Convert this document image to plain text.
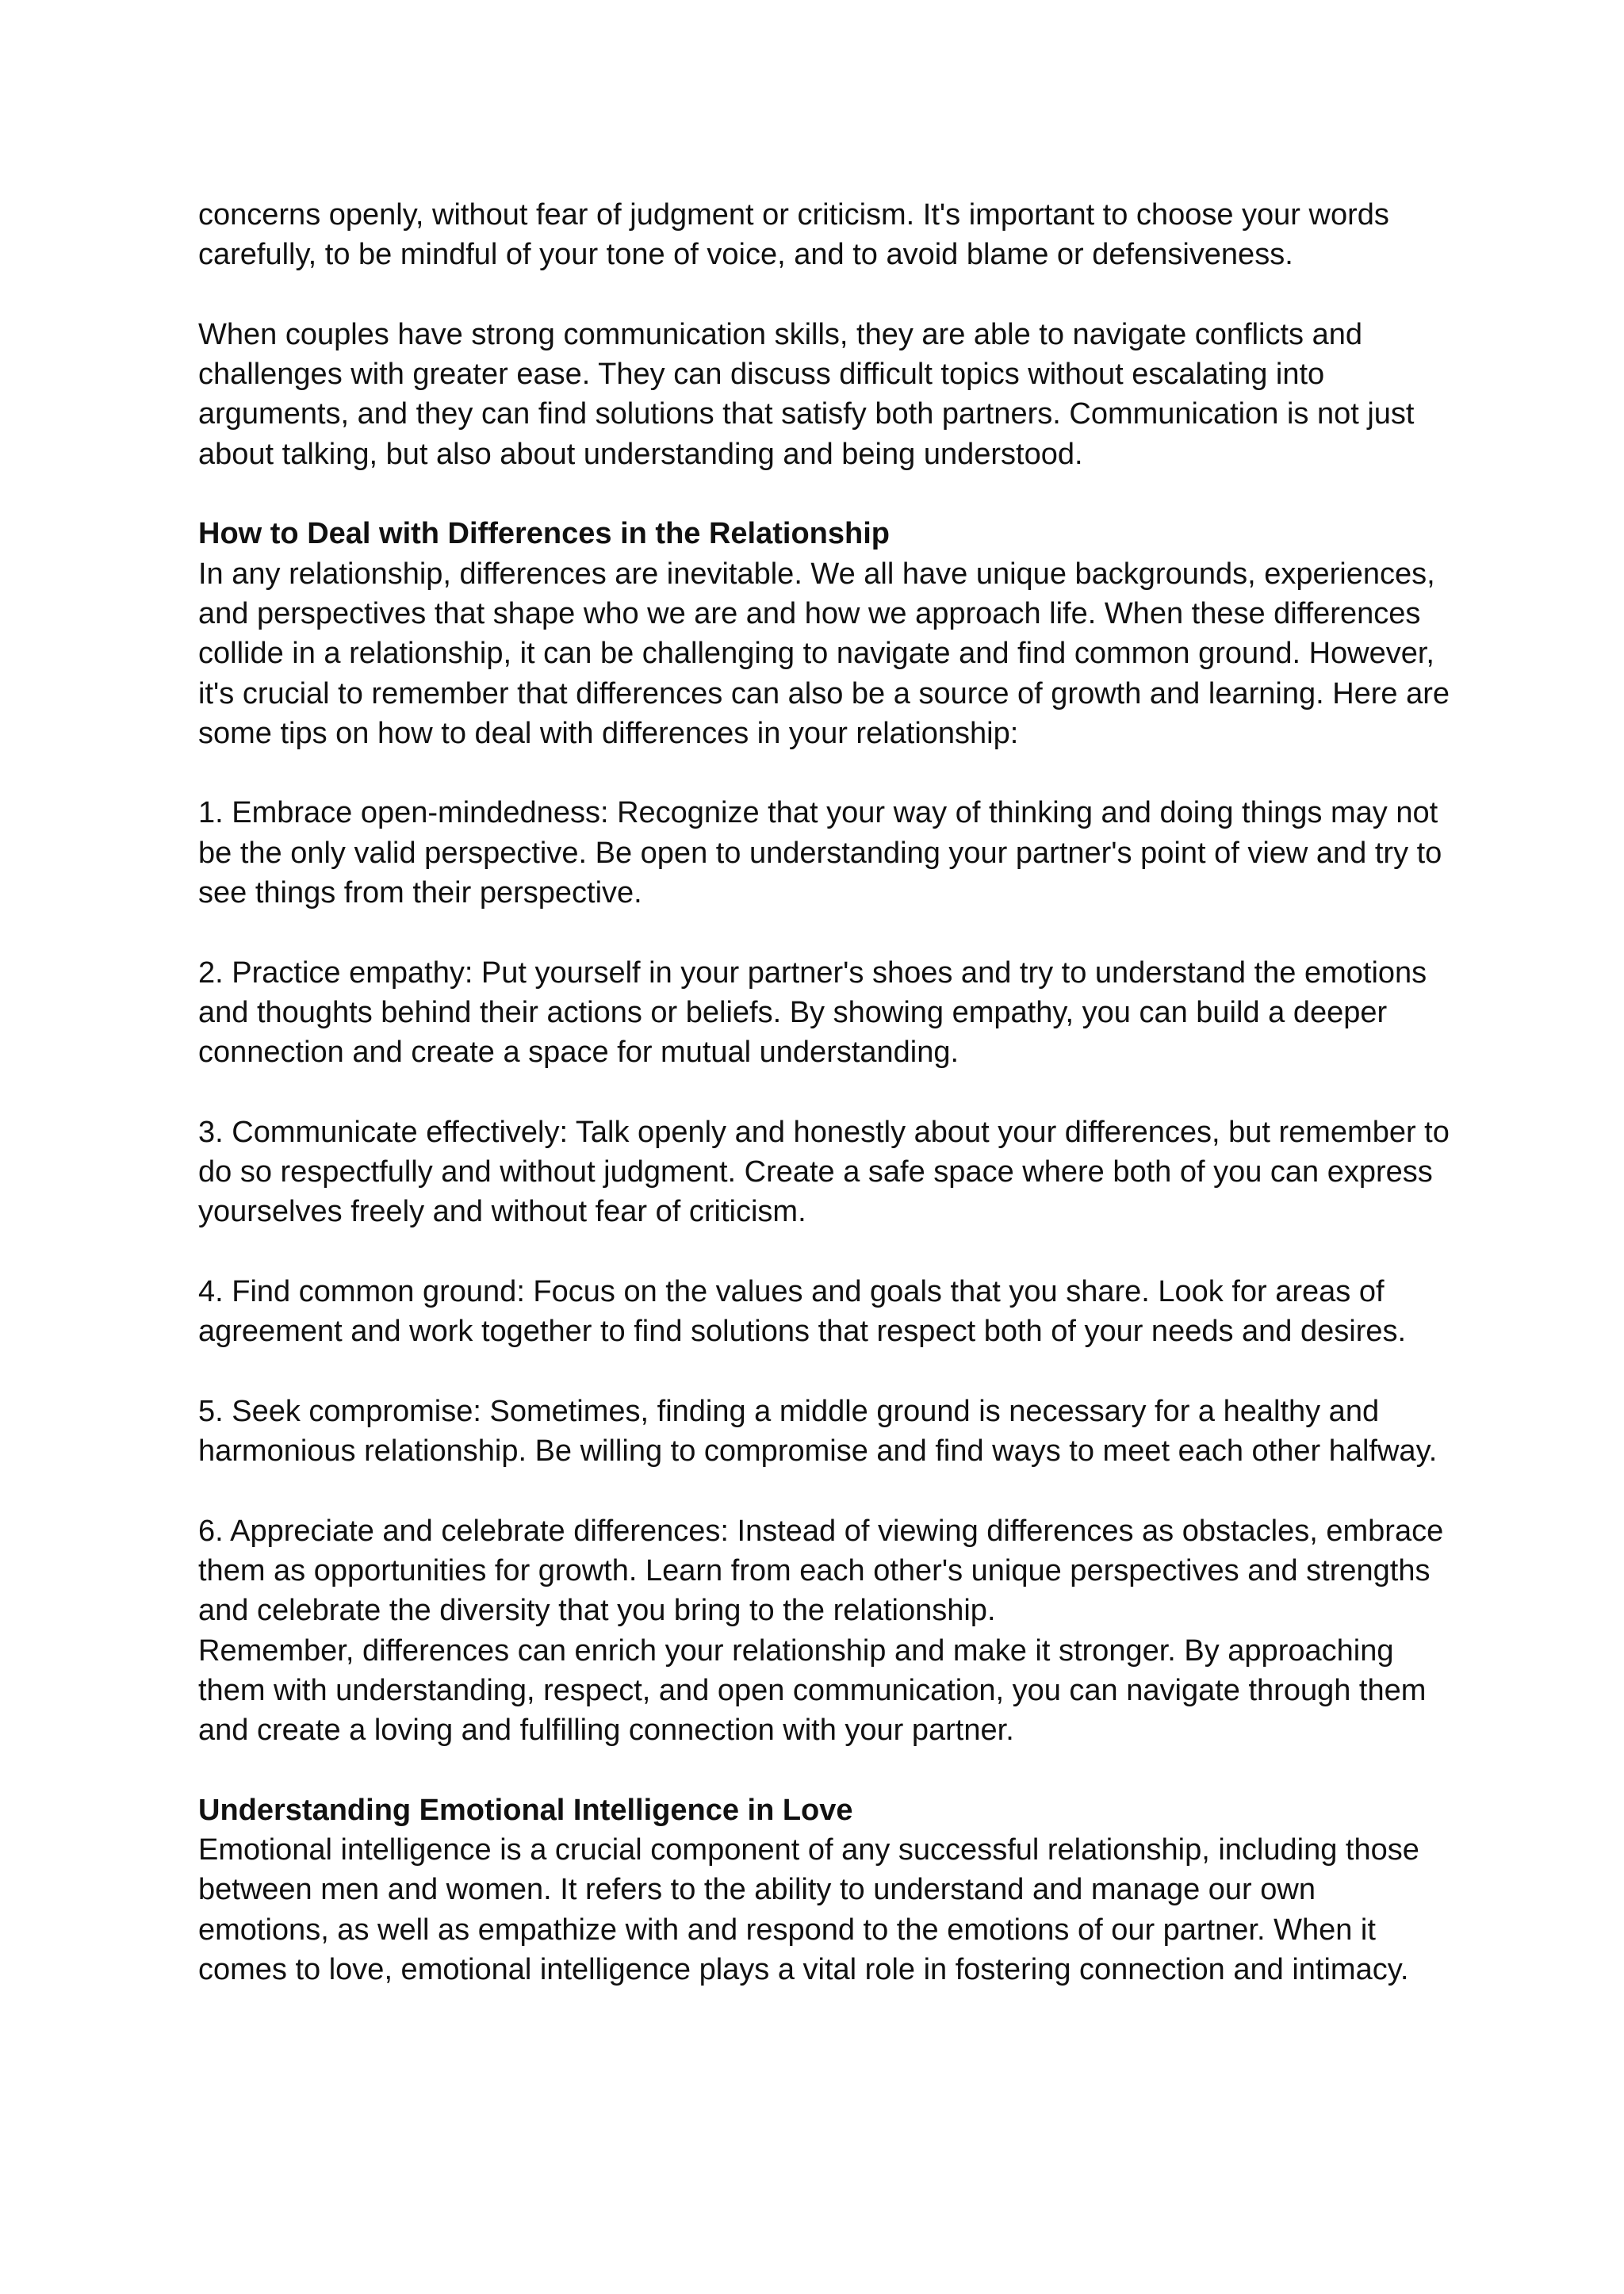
concerns openly, without fear of judgment or criticism. It's important to choose your words carefully, to be mindful of your tone of voice, and to avoid blame or defensiveness.

When couples have strong communication skills, they are able to navigate conflicts and challenges with greater ease. They can discuss difficult topics without escalating into arguments, and they can find solutions that satisfy both partners. Communication is not just about talking, but also about understanding and being understood.

How to Deal with Differences in the Relationship

In any relationship, differences are inevitable. We all have unique backgrounds, experiences, and perspectives that shape who we are and how we approach life. When these differences collide in a relationship, it can be challenging to navigate and find common ground. However, it's crucial to remember that differences can also be a source of growth and learning. Here are some tips on how to deal with differences in your relationship:

1. Embrace open-mindedness: Recognize that your way of thinking and doing things may not be the only valid perspective. Be open to understanding your partner's point of view and try to see things from their perspective.

2. Practice empathy: Put yourself in your partner's shoes and try to understand the emotions and thoughts behind their actions or beliefs. By showing empathy, you can build a deeper connection and create a space for mutual understanding.

3. Communicate effectively: Talk openly and honestly about your differences, but remember to do so respectfully and without judgment. Create a safe space where both of you can express yourselves freely and without fear of criticism.

4. Find common ground: Focus on the values and goals that you share. Look for areas of agreement and work together to find solutions that respect both of your needs and desires.

5. Seek compromise: Sometimes, finding a middle ground is necessary for a healthy and harmonious relationship. Be willing to compromise and find ways to meet each other halfway.

6. Appreciate and celebrate differences: Instead of viewing differences as obstacles, embrace them as opportunities for growth. Learn from each other's unique perspectives and strengths and celebrate the diversity that you bring to the relationship.

Remember, differences can enrich your relationship and make it stronger. By approaching them with understanding, respect, and open communication, you can navigate through them and create a loving and fulfilling connection with your partner.

Understanding Emotional Intelligence in Love

Emotional intelligence is a crucial component of any successful relationship, including those between men and women. It refers to the ability to understand and manage our own emotions, as well as empathize with and respond to the emotions of our partner. When it comes to love, emotional intelligence plays a vital role in fostering connection and intimacy.
